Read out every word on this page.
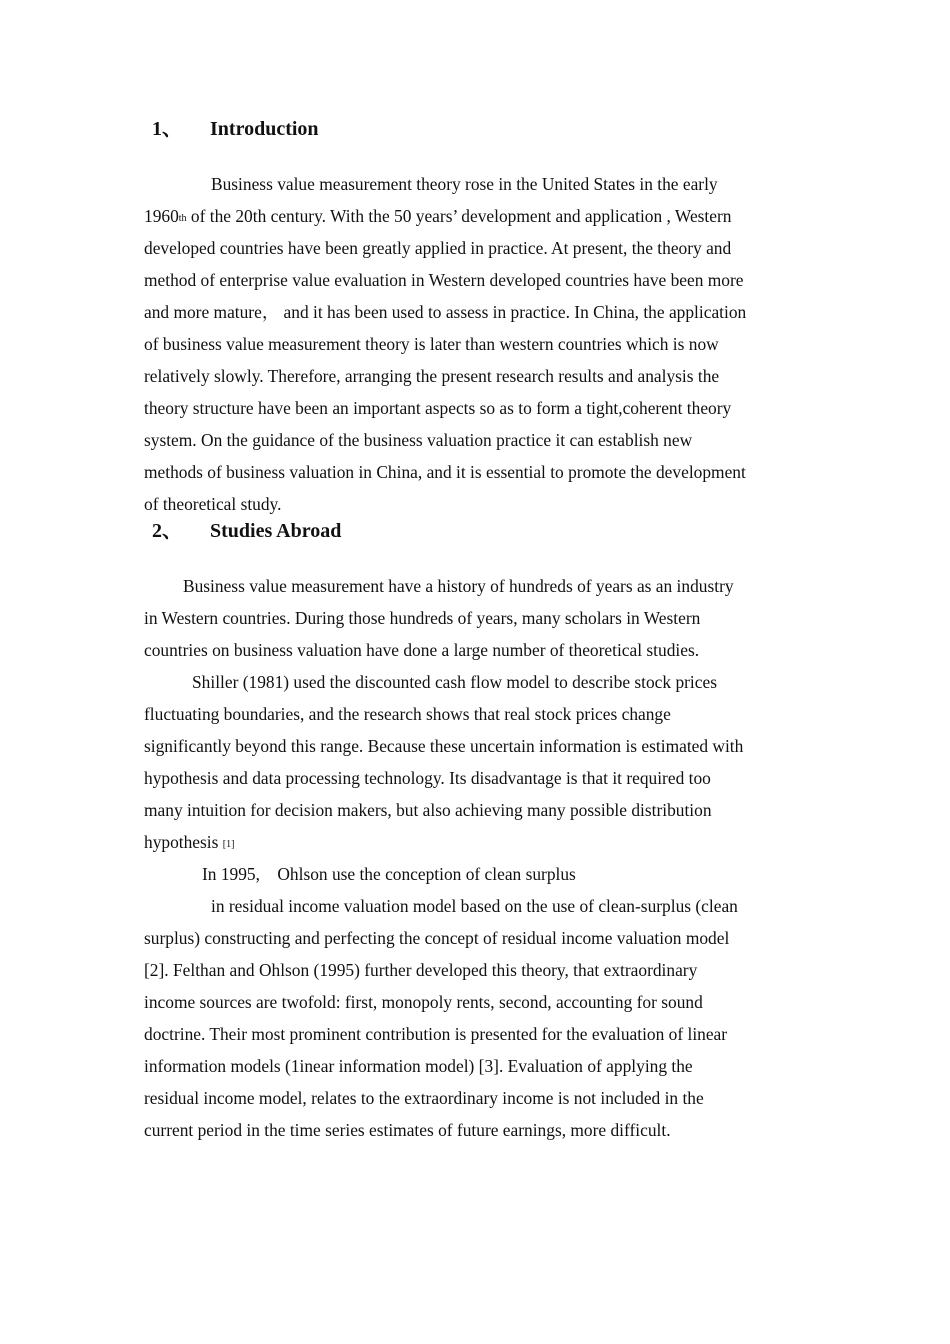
1、 Introduction
Business value measurement theory rose in the United States in the early
1960th of the 20th century. With the 50 years’ development and application , Western
developed countries have been greatly applied in practice. At present, the theory and
method of enterprise value evaluation in Western developed countries have been more
and more mature， and it has been used to assess in practice. In China, the application
of business value measurement theory is later than western countries which is now
relatively slowly. Therefore, arranging the present research results and analysis the
theory structure have been an important aspects so as to form a tight,coherent theory
system. On the guidance of the business valuation practice it can establish new
methods of business valuation in China, and it is essential to promote the development
of theoretical study.
2、 Studies Abroad
Business value measurement have a history of hundreds of years as an industry
in Western countries. During those hundreds of years, many scholars in Western
countries on business valuation have done a large number of theoretical studies.
Shiller (1981) used the discounted cash flow model to describe stock prices
fluctuating boundaries, and the research shows that real stock prices change
significantly beyond this range. Because these uncertain information is estimated with
hypothesis and data processing technology. Its disadvantage is that it required too
many intuition for decision makers, but also achieving many possible distribution
hypothesis [1]
In 1995,    Ohlson use the conception of clean surplus
in residual income valuation model based on the use of clean-surplus (clean
surplus) constructing and perfecting the concept of residual income valuation model
[2]. Felthan and Ohlson (1995) further developed this theory, that extraordinary
income sources are twofold: first, monopoly rents, second, accounting for sound
doctrine. Their most prominent contribution is presented for the evaluation of linear
information models (1inear information model) [3]. Evaluation of applying the
residual income model, relates to the extraordinary income is not included in the
current period in the time series estimates of future earnings, more difficult.
